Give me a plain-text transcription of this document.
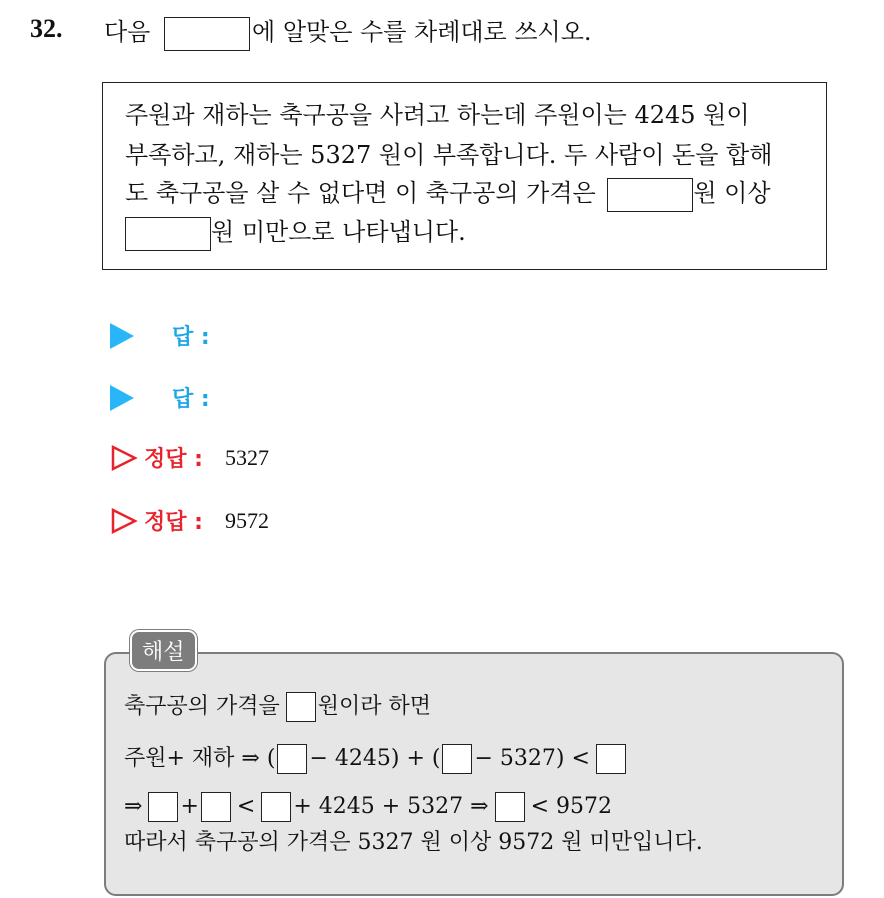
32. 다음	에 알맞은 수를 차례대로 쓰시오.
주원과 재하는 축구공을 사려고 하는데 주원이는 4245 원이
부족하고, 재하는 5327 원이 부족합니다. 두 사람이 돈을 합해
도 축구공을 살 수 없다면 이 축구공의 가격은	원 이상
원 미만으로 나타냅니다.
답 :
답 :
정답 : 5327
정답 : 9572
축구공의 가격을 원이라 하면
주원+ 재하 ⇒ ( − 4245) + ( − 5327) <
⇒ + < + 4245 + 5327 ⇒ < 9572
따라서 축구공의 가격은 5327 원 이상 9572 원 미만입니다.
해설
